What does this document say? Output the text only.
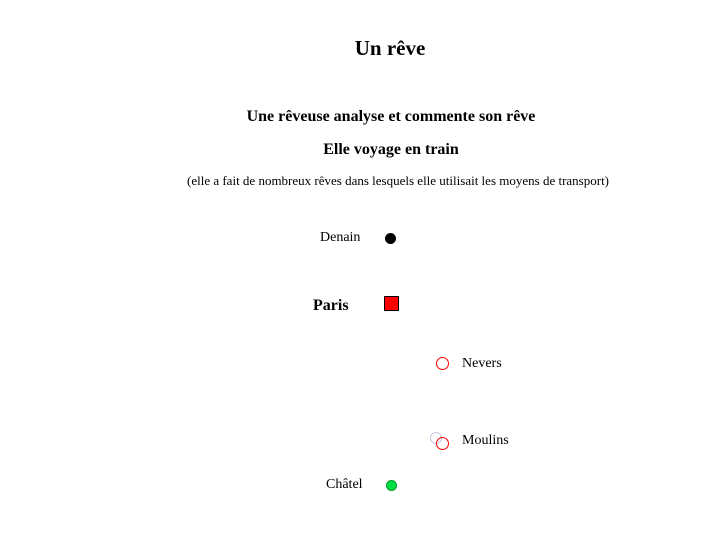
Un rêve
Une rêveuse analyse et commente son rêve
Elle voyage en train
(elle a fait de nombreux rêves dans lesquels elle utilisait les moyens de transport)
Denain
Paris
Nevers
Moulins
Châtel
